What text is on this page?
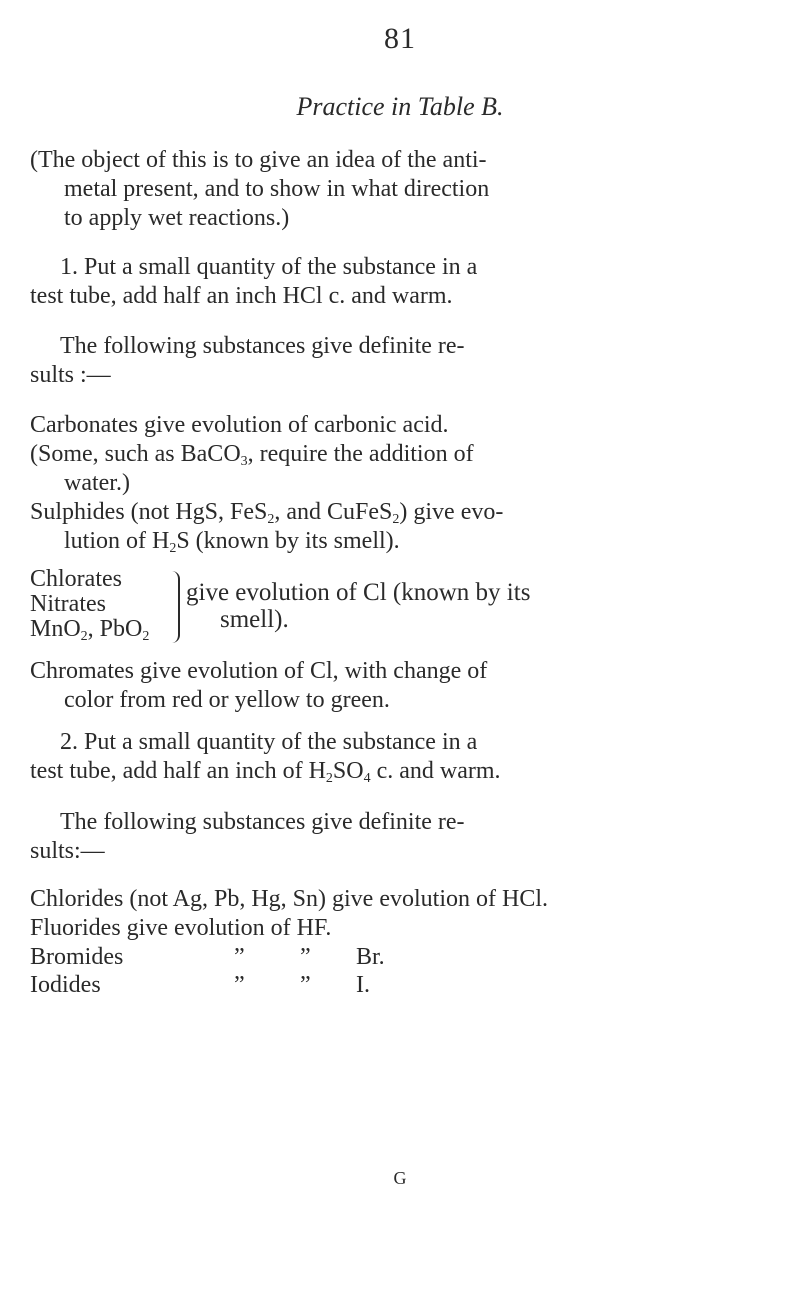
81
Practice in Table B.
(The object of this is to give an idea of the anti-
metal present, and to show in what direction
to apply wet reactions.)
1. Put a small quantity of the substance in a
test tube, add half an inch HCl c. and warm.
The following substances give definite re-
sults :—
Carbonates give evolution of carbonic acid.
(Some, such as BaCO$_3$, require the addition of
water.)
Sulphides (not HgS, FeS$_2$, and CuFeS$_2$) give evo-
lution of $H_2S$ (known by its smell).
Chlorates
Nitrates
MnO$_2$, PbO$_2$
give evolution of Cl (known by its
smell).
Chromates give evolution of Cl, with change of
color from red or yellow to green.
2. Put a small quantity of the substance in a
test tube, add half an inch of $H_2SO_4$ c. and warm.
The following substances give definite re-
sults:—
Chlorides (not Ag, Pb, Hg, Sn) give evolution of HCl.
Fluorides give evolution of HF.
Bromides	” ” Br.
Iodides	” ” I.
G
